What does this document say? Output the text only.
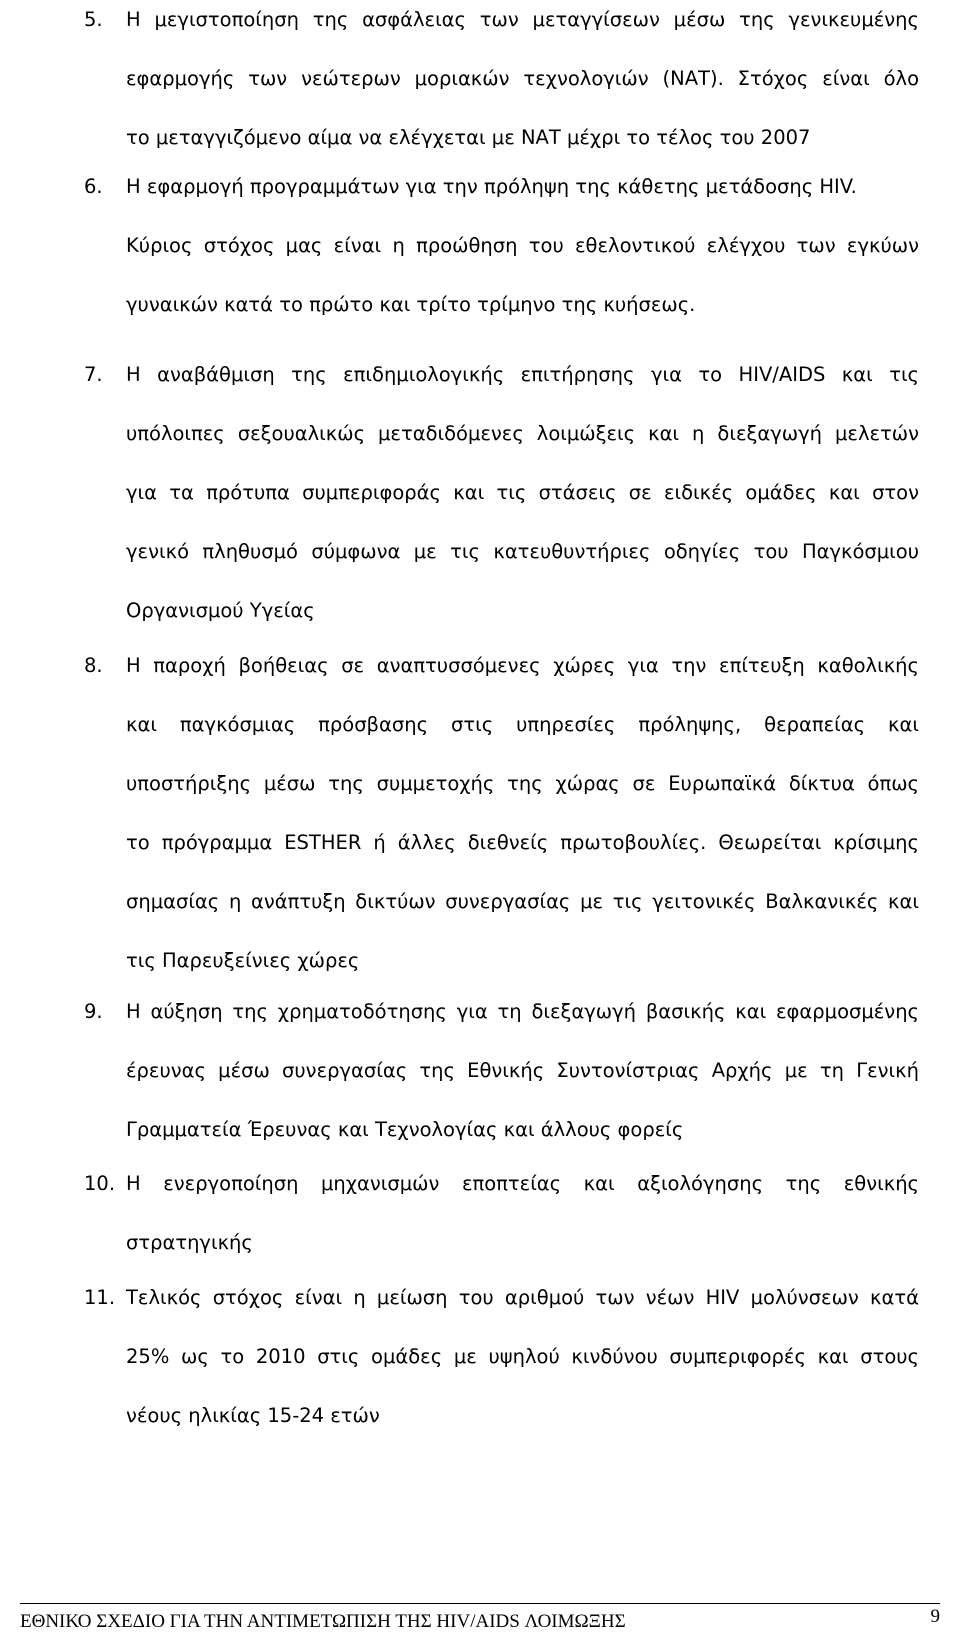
5. Η μεγιστοποίηση της ασφάλειας των μεταγγίσεων μέσω της γενικευμένης
εφαρμογής των νεώτερων μοριακών τεχνολογιών (ΝΑΤ). Στόχος είναι όλο
το μεταγγιζόμενο αίμα να ελέγχεται με ΝΑΤ μέχρι το τέλος του 2007
6. Η εφαρμογή προγραμμάτων για την πρόληψη της κάθετης μετάδοσης HIV.
Κύριος στόχος μας είναι η προώθηση του εθελοντικού ελέγχου των εγκύων
γυναικών κατά το πρώτο και τρίτο τρίμηνο της κυήσεως.
7. Η αναβάθμιση της επιδημιολογικής επιτήρησης για το HIV/AIDS και τις
υπόλοιπες σεξουαλικώς μεταδιδόμενες λοιμώξεις και η διεξαγωγή μελετών
για τα πρότυπα συμπεριφοράς και τις στάσεις σε ειδικές ομάδες και στον
γενικό πληθυσμό σύμφωνα με τις κατευθυντήριες οδηγίες του Παγκόσμιου
Οργανισμού Υγείας
8. Η παροχή βοήθειας σε αναπτυσσόμενες χώρες για την επίτευξη καθολικής
και παγκόσμιας πρόσβασης στις υπηρεσίες πρόληψης, θεραπείας και
υποστήριξης μέσω της συμμετοχής της χώρας σε Ευρωπαϊκά δίκτυα όπως
το πρόγραμμα ESTHER ή άλλες διεθνείς πρωτοβουλίες. Θεωρείται κρίσιμης
σημασίας η ανάπτυξη δικτύων συνεργασίας με τις γειτονικές Βαλκανικές και
τις Παρευξείνιες χώρες
9. Η αύξηση της χρηματοδότησης για τη διεξαγωγή βασικής και εφαρμοσμένης
έρευνας μέσω συνεργασίας της Εθνικής Συντονίστριας Αρχής με τη Γενική
Γραμματεία Έρευνας και Τεχνολογίας και άλλους φορείς
10. Η ενεργοποίηση μηχανισμών εποπτείας και αξιολόγησης της εθνικής
στρατηγικής
11. Τελικός στόχος είναι η μείωση του αριθμού των νέων HIV μολύνσεων κατά
25% ως το 2010 στις ομάδες με υψηλού κινδύνου συμπεριφορές και στους
νέους ηλικίας 15-24 ετών
ΕΘΝΙΚΟ ΣΧΕΔΙΟ ΓΙΑ ΤΗΝ ΑΝΤΙΜΕΤΩΠΙΣΗ ΤΗΣ HIV/AIDS ΛΟΙΜΩΞΗΣ	9
